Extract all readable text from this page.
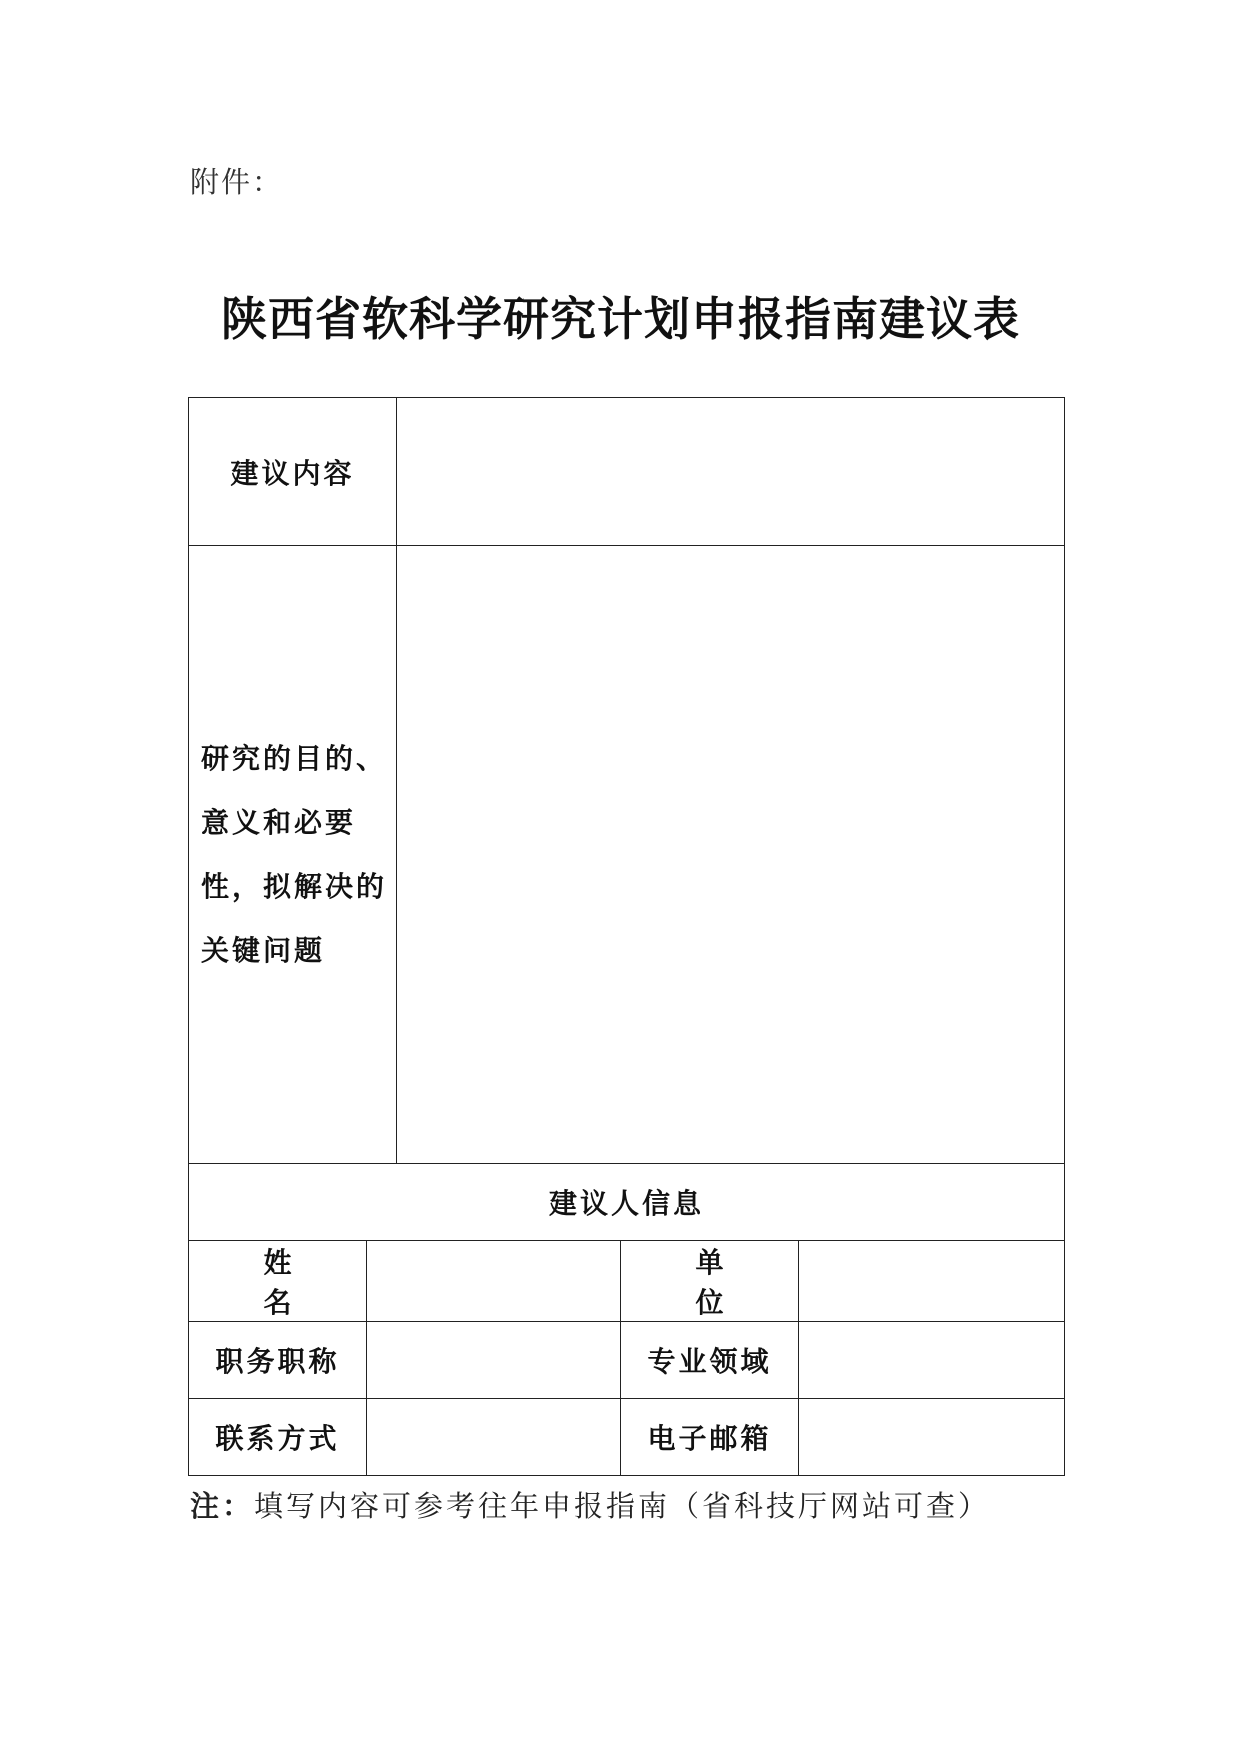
附件：
陕西省软科学研究计划申报指南建议表
建议内容				
研究的目的、意义和必要性，拟解决的关键问题				
建议人信息				
姓 名			单 位	
职务职称			专业领域	
联系方式			电子邮箱	
注：填写内容可参考往年申报指南（省科技厅网站可查）
